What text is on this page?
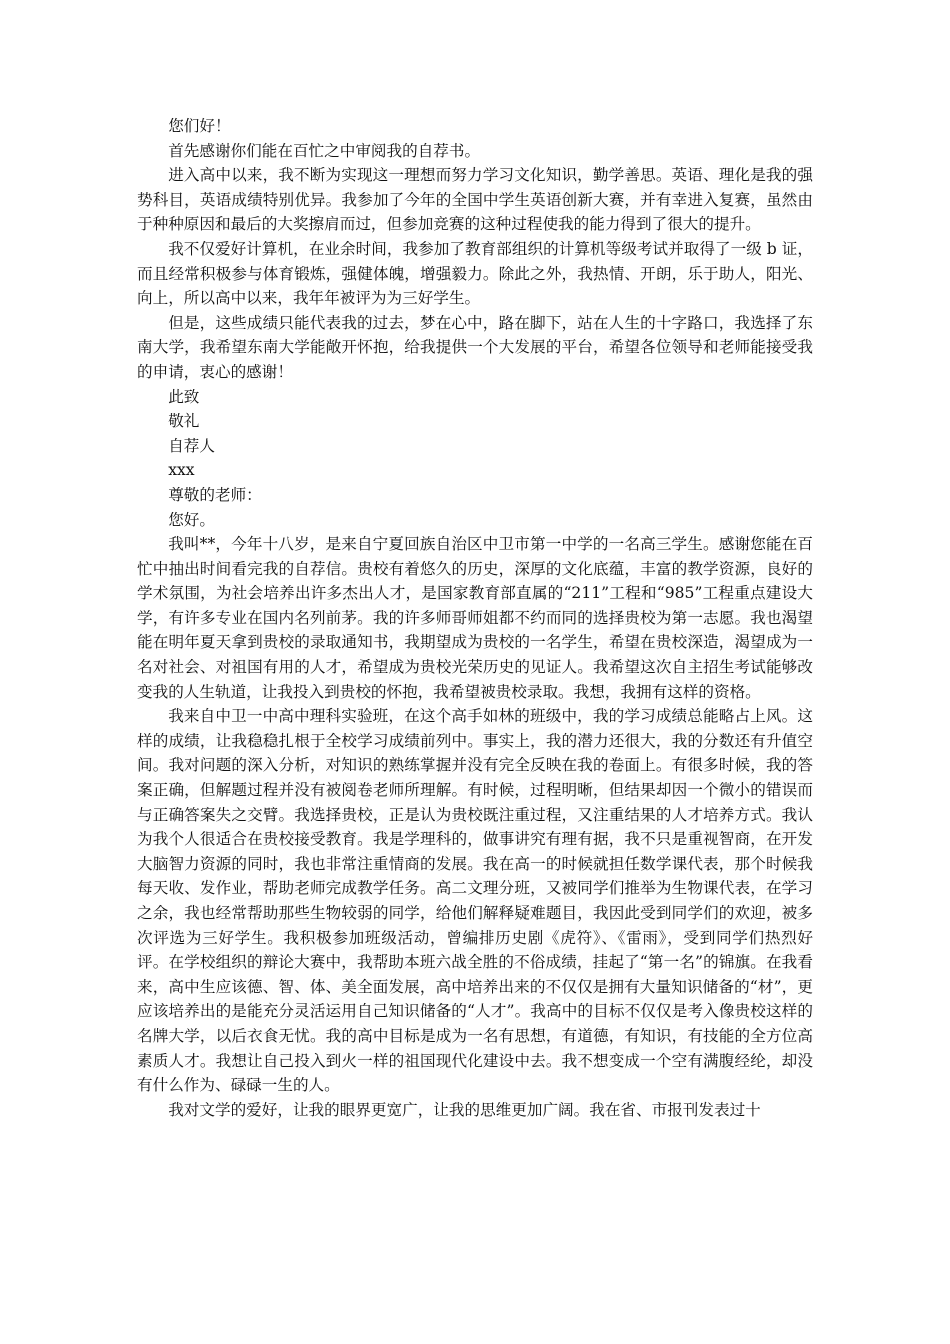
您们好！

首先感谢你们能在百忙之中审阅我的自荐书。

进入高中以来，我不断为实现这一理想而努力学习文化知识，勤学善思。英语、理化是我的强势科目，英语成绩特别优异。我参加了今年的全国中学生英语创新大赛，并有幸进入复赛，虽然由于种种原因和最后的大奖擦肩而过，但参加竞赛的这种过程使我的能力得到了很大的提升。

我不仅爱好计算机，在业余时间，我参加了教育部组织的计算机等级考试并取得了一级 b 证，而且经常积极参与体育锻炼，强健体魄，增强毅力。除此之外，我热情、开朗，乐于助人，阳光、向上，所以高中以来，我年年被评为为三好学生。

但是，这些成绩只能代表我的过去，梦在心中，路在脚下，站在人生的十字路口，我选择了东南大学，我希望东南大学能敞开怀抱，给我提供一个大发展的平台，希望各位领导和老师能接受我的申请，衷心的感谢！

此致

敬礼

自荐人

xxx

尊敬的老师：

您好。

我叫**，今年十八岁，是来自宁夏回族自治区中卫市第一中学的一名高三学生。感谢您能在百忙中抽出时间看完我的自荐信。贵校有着悠久的历史，深厚的文化底蕴，丰富的教学资源，良好的学术氛围，为社会培养出许多杰出人才，是国家教育部直属的“211”工程和“985”工程重点建设大学，有许多专业在国内名列前茅。我的许多师哥师姐都不约而同的选择贵校为第一志愿。我也渴望能在明年夏天拿到贵校的录取通知书，我期望成为贵校的一名学生，希望在贵校深造，渴望成为一名对社会、对祖国有用的人才，希望成为贵校光荣历史的见证人。我希望这次自主招生考试能够改变我的人生轨道，让我投入到贵校的怀抱，我希望被贵校录取。我想，我拥有这样的资格。

我来自中卫一中高中理科实验班，在这个高手如林的班级中，我的学习成绩总能略占上风。这样的成绩，让我稳稳扎根于全校学习成绩前列中。事实上，我的潜力还很大，我的分数还有升值空间。我对问题的深入分析，对知识的熟练掌握并没有完全反映在我的卷面上。有很多时候，我的答案正确，但解题过程并没有被阅卷老师所理解。有时候，过程明晰，但结果却因一个微小的错误而与正确答案失之交臂。我选择贵校，正是认为贵校既注重过程，又注重结果的人才培养方式。我认为我个人很适合在贵校接受教育。我是学理科的，做事讲究有理有据，我不只是重视智商，在开发大脑智力资源的同时，我也非常注重情商的发展。我在高一的时候就担任数学课代表，那个时候我每天收、发作业，帮助老师完成教学任务。高二文理分班，又被同学们推举为生物课代表，在学习之余，我也经常帮助那些生物较弱的同学，给他们解释疑难题目，我因此受到同学们的欢迎，被多次评选为三好学生。我积极参加班级活动，曾编排历史剧《虎符》、《雷雨》，受到同学们热烈好评。在学校组织的辩论大赛中，我帮助本班六战全胜的不俗成绩，挂起了“第一名”的锦旗。在我看来，高中生应该德、智、体、美全面发展，高中培养出来的不仅仅是拥有大量知识储备的“材”，更应该培养出的是能充分灵活运用自己知识储备的“人才”。我高中的目标不仅仅是考入像贵校这样的名牌大学，以后衣食无忧。我的高中目标是成为一名有思想，有道德，有知识，有技能的全方位高素质人才。我想让自己投入到火一样的祖国现代化建设中去。我不想变成一个空有满腹经纶，却没有什么作为、碌碌一生的人。

我对文学的爱好，让我的眼界更宽广，让我的思维更加广阔。我在省、市报刊发表过十
